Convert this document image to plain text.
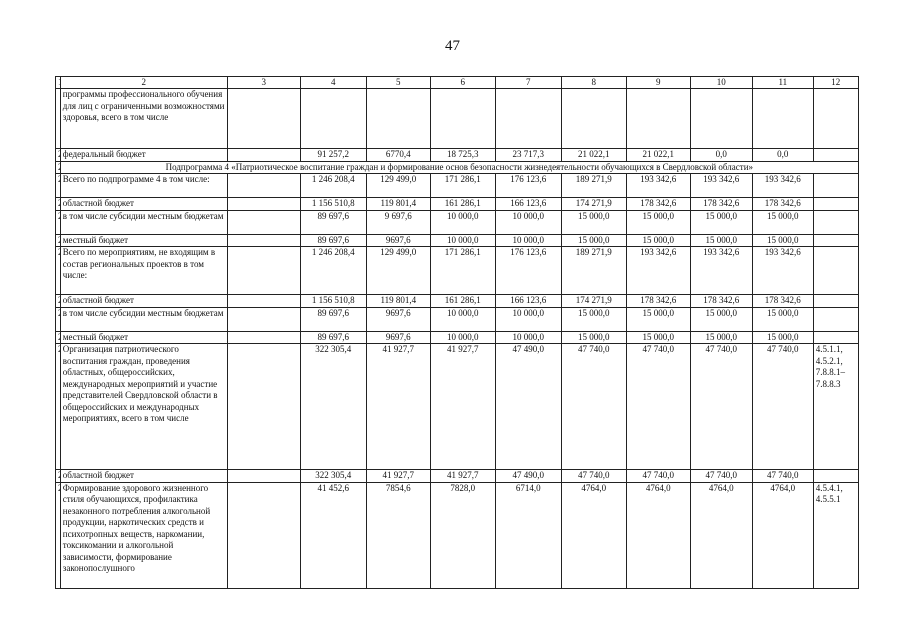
47
	2	3	4	5	6	7	8	9	10	11	12
	программы профессионального обучения для лиц с ограниченными возможностями здоровья, всего в том числе										
	федеральный бюджет		91 257,2	6770,4	18 725,3	23 717,3	21 022,1	21 022,1	0,0	0,0	
	Подпрограмма 4 «Патриотическое воспитание граждан и формирование основ безопасности жизнедеятельности обучающихся в Свердловской области»										
	Всего по подпрограмме 4 в том числе:		1 246 208,4	129 499,0	171 286,1	176 123,6	189 271,9	193 342,6	193 342,6	193 342,6	
	областной бюджет		1 156 510,8	119 801,4	161 286,1	166 123,6	174 271,9	178 342,6	178 342,6	178 342,6	
	в том числе субсидии местным бюджетам		89 697,6	9 697,6	10 000,0	10 000,0	15 000,0	15 000,0	15 000,0	15 000,0	
	местный бюджет		89 697,6	9697,6	10 000,0	10 000,0	15 000,0	15 000,0	15 000,0	15 000,0	
	Всего по мероприятиям, не входящим в состав региональных проектов в том числе:		1 246 208,4	129 499,0	171 286,1	176 123,6	189 271,9	193 342,6	193 342,6	193 342,6	
	областной бюджет		1 156 510,8	119 801,4	161 286,1	166 123,6	174 271,9	178 342,6	178 342,6	178 342,6	
	в том числе субсидии местным бюджетам		89 697,6	9697,6	10 000,0	10 000,0	15 000,0	15 000,0	15 000,0	15 000,0	
	местный бюджет		89 697,6	9697,6	10 000,0	10 000,0	15 000,0	15 000,0	15 000,0	15 000,0	
	Организация патриотического воспитания граждан, проведения областных, общероссийских, международных мероприятий и участие представителей Свердловской области в общероссийских и международных мероприятиях, всего в том числе		322 305,4	41 927,7	41 927,7	47 490,0	47 740,0	47 740,0	47 740,0	47 740,0	4.5.1.1, 4.5.2.1, 7.8.8.1–7.8.8.3
	областной бюджет		322 305,4	41 927,7	41 927,7	47 490,0	47 740,0	47 740,0	47 740,0	47 740,0	
	Формирование здорового жизненного стиля обучающихся, профилактика незаконного потребления алкогольной продукции, наркотических средств и психотропных веществ, наркомании, токсикомании и алкогольной зависимости, формирование законопослушного		41 452,6	7854,6	7828,0	6714,0	4764,0	4764,0	4764,0	4764,0	4.5.4.1, 4.5.5.1
